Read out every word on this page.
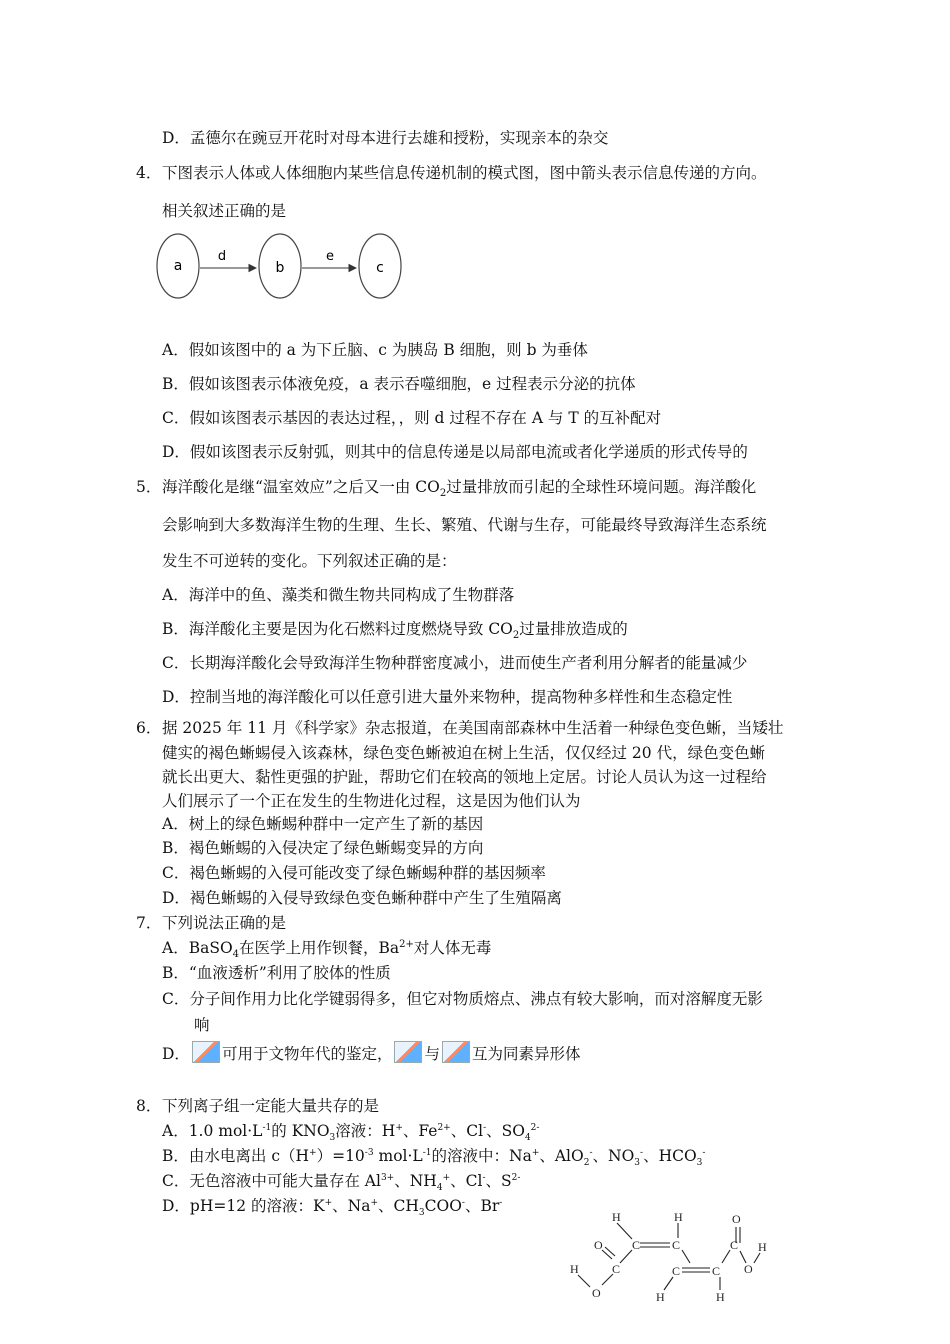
D．孟德尔在豌豆开花时对母本进行去雄和授粉，实现亲本的杂交
4． 下图表示人体或人体细胞内某些信息传递机制的模式图，图中箭头表示信息传递的方向。
相关叙述正确的是
a	b	c
d	e
A．假如该图中的 a 为下丘脑、c 为胰岛 B 细胞，则 b 为垂体
B．假如该图表示体液免疫，a 表示吞噬细胞，e 过程表示分泌的抗体
C．假如该图表示基因的表达过程，，则 d 过程不存在 A 与 T 的互补配对
D．假如该图表示反射弧，则其中的信息传递是以局部电流或者化学递质的形式传导的
5． 海洋酸化是继“温室效应”之后又一由 $CO_2$过量排放而引起的全球性环境问题。海洋酸化
会影响到大多数海洋生物的生理、生长、繁殖、代谢与生存，可能最终导致海洋生态系统
发生不可逆转的变化。下列叙述正确的是：
A．海洋中的鱼、藻类和微生物共同构成了生物群落
B．海洋酸化主要是因为化石燃料过度燃烧导致 $CO_2$过量排放造成的
C．长期海洋酸化会导致海洋生物种群密度减小，进而使生产者利用分解者的能量减少
D．控制当地的海洋酸化可以任意引进大量外来物种，提高物种多样性和生态稳定性
6． 据 2025 年 11 月《科学家》杂志报道，在美国南部森林中生活着一种绿色变色蜥，当矮壮
健实的褐色蜥蜴侵入该森林，绿色变色蜥被迫在树上生活，仅仅经过 20 代，绿色变色蜥
就长出更大、黏性更强的护趾，帮助它们在较高的领地上定居。讨论人员认为这一过程给
人们展示了一个正在发生的生物进化过程，这是因为他们认为
A．树上的绿色蜥蜴种群中一定产生了新的基因
B．褐色蜥蜴的入侵决定了绿色蜥蜴变异的方向
C．褐色蜥蜴的入侵可能改变了绿色蜥蜴种群的基因频率
D．褐色蜥蜴的入侵导致绿色变色蜥种群中产生了生殖隔离
7． 下列说法正确的是
A．BaSO$_4$在医学上用作钡餐，$Ba^{2+}$对人体无毒
B．“血液透析”利用了胶体的性质
C．分子间作用力比化学键弱得多，但它对物质熔点、沸点有较大影响，而对溶解度无影
响
D． 可用于文物年代的鉴定， 与 互为同素异形体
8． 下列离子组一定能大量共存的是
A．1.0 $mol\cdot L^{-1}$的 $KNO_3$溶液：H+、$Fe^{2+}$、Cl-、$SO_4^{2-}$
B．由水电离出 $c(H^+)=10^{-3}$ $mol\cdot L^{-1}$的溶液中：Na+、AlO$_2$-、$NO_3^-$、$HCO_3^-$
C．无色溶液中可能大量存在 $Al^{3+}$、$NH_4^+$、Cl-、$S^{2-}$
D．pH=12 的溶液：K+、Na+、$CH_3COO^-$、Br-
H	H
C	C
O
C
H
O
C	C
H	H
C
O
O
H
